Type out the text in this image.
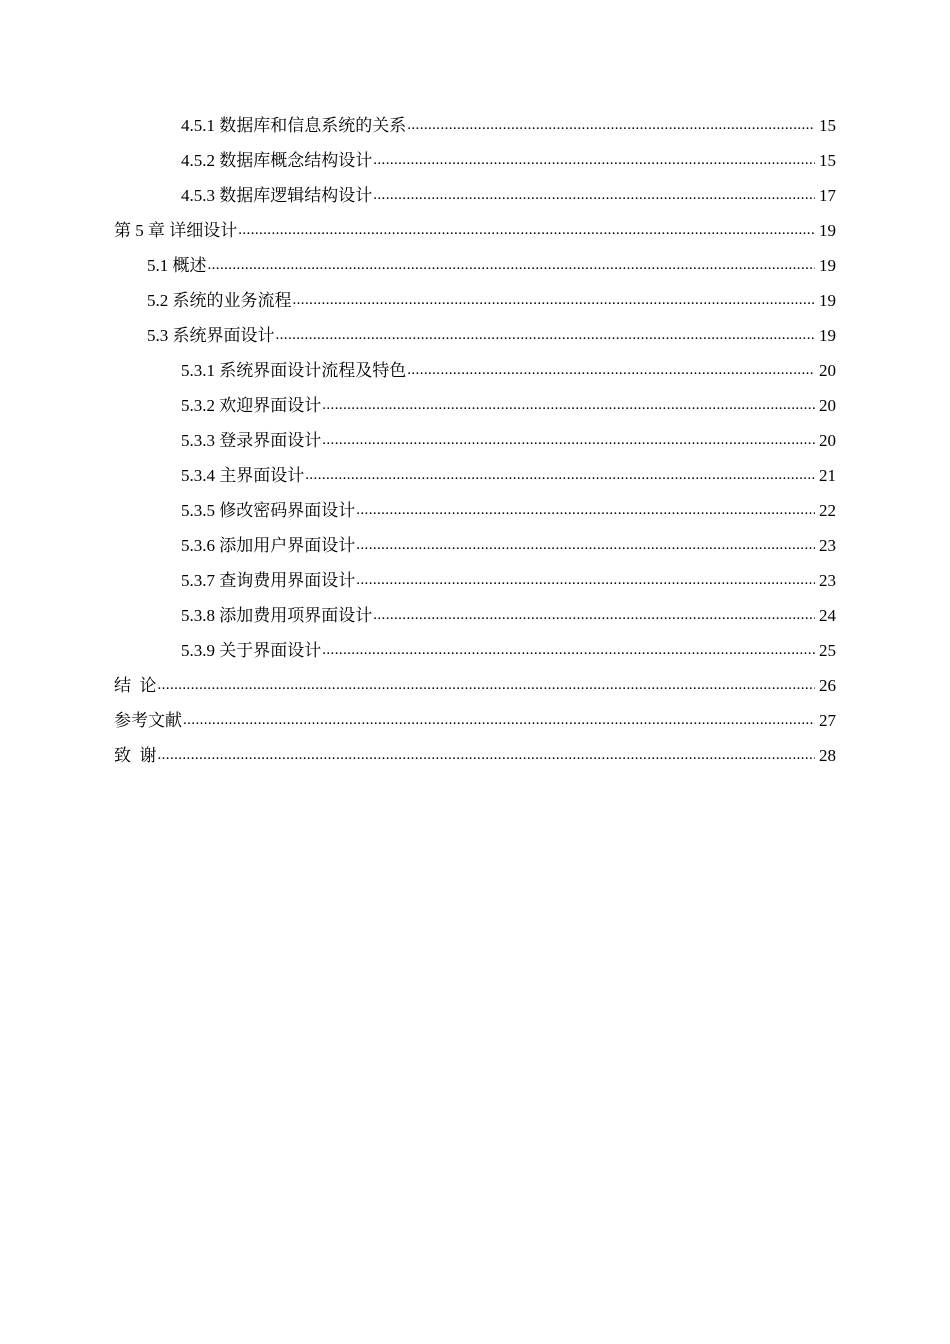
4.5.1 数据库和信息系统的关系 .....	15
4.5.2 数据库概念结构设计 .....	15
4.5.3 数据库逻辑结构设计 .....	17
第 5 章 详细设计 .....	19
5.1 概述 .....	19
5.2 系统的业务流程 .....	19
5.3 系统界面设计 .....	19
5.3.1 系统界面设计流程及特色 .....	20
5.3.2 欢迎界面设计 .....	20
5.3.3 登录界面设计 .....	20
5.3.4 主界面设计 .....	21
5.3.5 修改密码界面设计 .....	22
5.3.6 添加用户界面设计 .....	23
5.3.7 查询费用界面设计 .....	23
5.3.8 添加费用项界面设计 .....	24
5.3.9 关于界面设计 .....	25
结  论 .....	26
参考文献 .....	27
致  谢 .....	28
